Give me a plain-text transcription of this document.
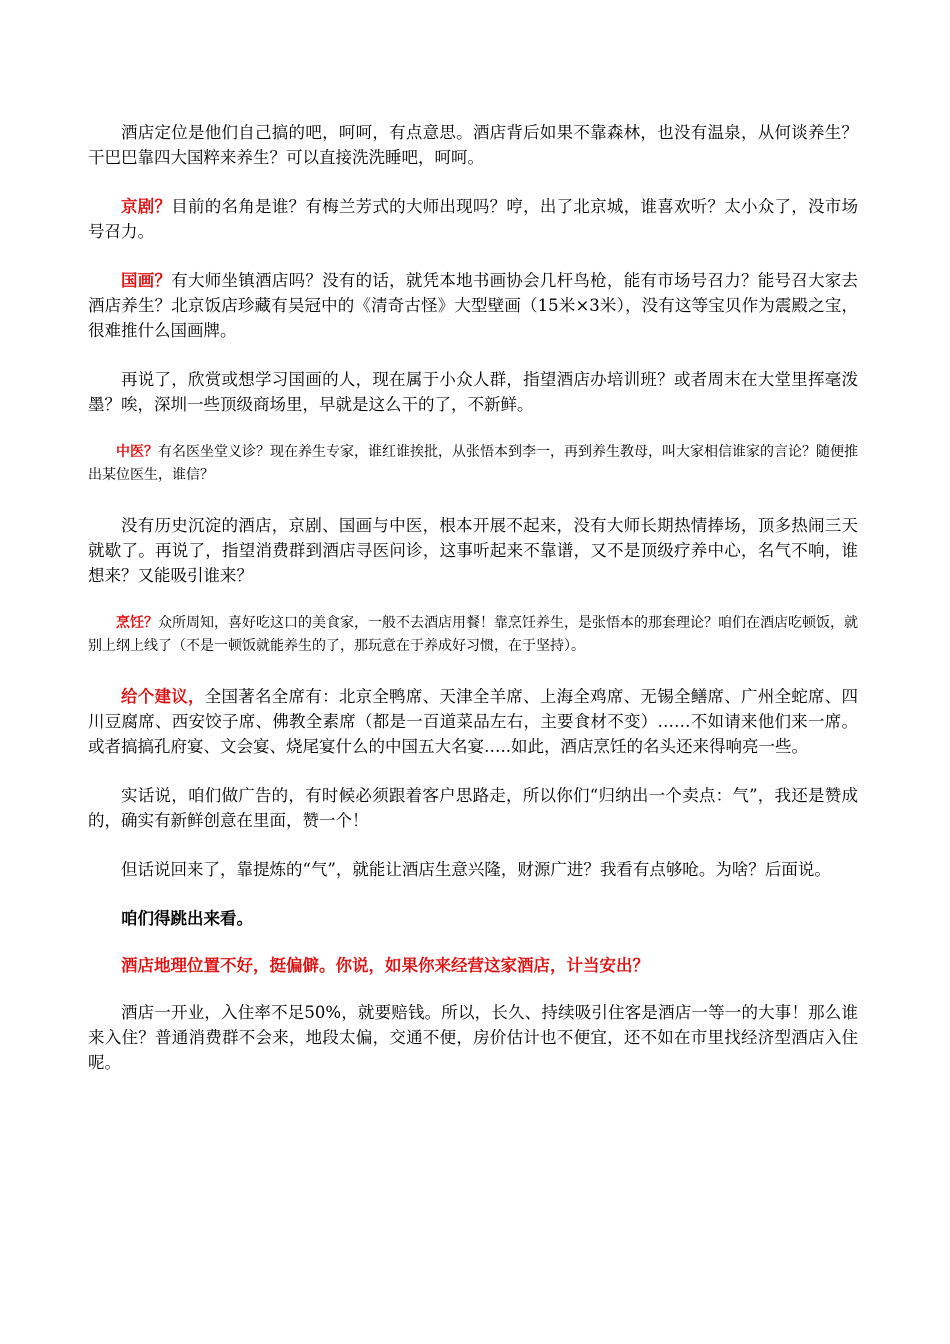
酒店定位是他们自己搞的吧，呵呵，有点意思。酒店背后如果不靠森林，也没有温泉，从何谈养生？干巴巴靠四大国粹来养生？可以直接洗洗睡吧，呵呵。

京剧？目前的名角是谁？有梅兰芳式的大师出现吗？哼，出了北京城，谁喜欢听？太小众了，没市场号召力。

国画？有大师坐镇酒店吗？没有的话，就凭本地书画协会几杆鸟枪，能有市场号召力？能号召大家去酒店养生？北京饭店珍藏有吴冠中的《清奇古怪》大型壁画（15米×3米），没有这等宝贝作为震殿之宝，很难推什么国画牌。

再说了，欣赏或想学习国画的人，现在属于小众人群，指望酒店办培训班？或者周末在大堂里挥毫泼墨？唉，深圳一些顶级商场里，早就是这么干的了，不新鲜。

中医？有名医坐堂义诊？现在养生专家，谁红谁挨批，从张悟本到李一，再到养生教母，叫大家相信谁家的言论？随便推出某位医生，谁信？

没有历史沉淀的酒店，京剧、国画与中医，根本开展不起来，没有大师长期热情捧场，顶多热闹三天就歇了。再说了，指望消费群到酒店寻医问诊，这事听起来不靠谱，又不是顶级疗养中心，名气不响，谁想来？又能吸引谁来？

烹饪？众所周知，喜好吃这口的美食家，一般不去酒店用餐！靠烹饪养生，是张悟本的那套理论？咱们在酒店吃顿饭，就别上纲上线了（不是一顿饭就能养生的了，那玩意在于养成好习惯，在于坚持）。

给个建议，全国著名全席有：北京全鸭席、天津全羊席、上海全鸡席、无锡全鳝席、广州全蛇席、四川豆腐席、西安饺子席、佛教全素席（都是一百道菜品左右，主要食材不变）……不如请来他们来一席。或者搞搞孔府宴、文会宴、烧尾宴什么的中国五大名宴…..如此，酒店烹饪的名头还来得响亮一些。

实话说，咱们做广告的，有时候必须跟着客户思路走，所以你们“归纳出一个卖点：气”，我还是赞成的，确实有新鲜创意在里面，赞一个！

但话说回来了，靠提炼的“气”，就能让酒店生意兴隆，财源广进？我看有点够呛。为啥？后面说。

咱们得跳出来看。

酒店地理位置不好，挺偏僻。你说，如果你来经营这家酒店，计当安出？

酒店一开业，入住率不足50%，就要赔钱。所以，长久、持续吸引住客是酒店一等一的大事！那么谁来入住？普通消费群不会来，地段太偏，交通不便，房价估计也不便宜，还不如在市里找经济型酒店入住呢。
